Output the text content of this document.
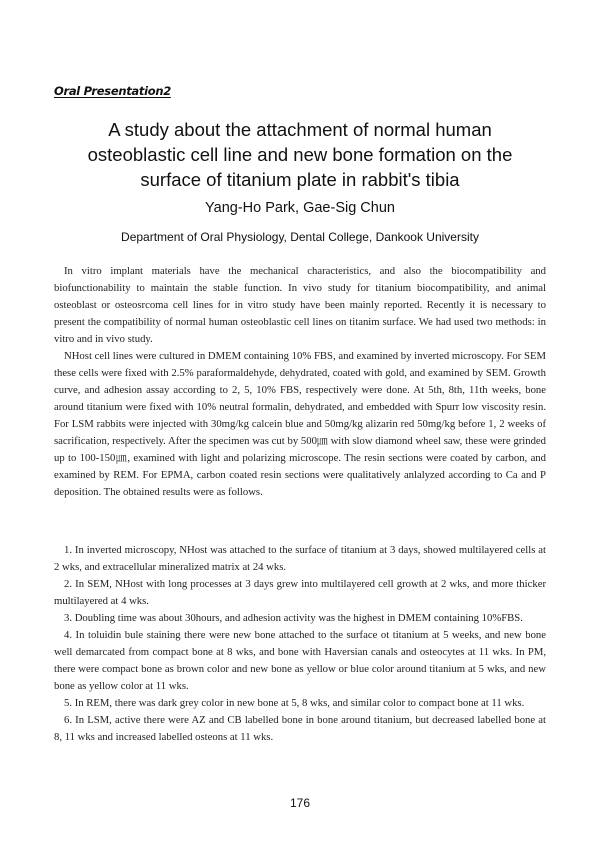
Oral Presentation2
A study about the attachment of normal human
osteoblastic cell line and new bone formation on the
surface of titanium plate in rabbit's tibia
Yang-Ho Park, Gae-Sig Chun
Department of Oral Physiology, Dental College, Dankook University

In vitro implant materials have the mechanical characteristics, and also the biocompatibility and biofunctionability to maintain the stable function. In vivo study for titanium biocompatibility, and animal osteoblast or osteosrcoma cell lines for in vitro study have been mainly reported. Recently it is necessary to present the compatibility of normal human osteoblastic cell lines on titanim surface. We had used two methods: in vitro and in vivo study.

NHost cell lines were cultured in DMEM containing 10% FBS, and examined by inverted microscopy. For SEM these cells were fixed with 2.5% paraformaldehyde, dehydrated, coated with gold, and examined by SEM. Growth curve, and adhesion assay according to 2, 5, 10% FBS, respectively were done. At 5th, 8th, 11th weeks, bone around titanium were fixed with 10% neutral formalin, dehydrated, and embedded with Spurr low viscosity resin. For LSM rabbits were injected with 30mg/kg calcein blue and 50mg/kg alizarin red 50mg/kg before 1, 2 weeks of sacrification, respectively. After the specimen was cut by 500㎛ with slow diamond wheel saw, these were grinded up to 100-150㎛, examined with light and polarizing microscope. The resin sections were coated by carbon, and examined by REM. For EPMA, carbon coated resin sections were qualitatively anlalyzed according to Ca and P deposition. The obtained results were as follows.

1. In inverted microscopy, NHost was attached to the surface of titanium at 3 days, showed multilayered cells at 2 wks, and extracellular mineralized matrix at 24 wks.

2. In SEM, NHost with long processes at 3 days grew into multilayered cell growth at 2 wks, and more thicker multilayered at 4 wks.

3. Doubling time was about 30hours, and adhesion activity was the highest in DMEM containing 10%FBS.

4. In toluidin bule staining there were new bone attached to the surface ot titanium at 5 weeks, and new bone well demarcated from compact bone at 8 wks, and bone with Haversian canals and osteocytes at 11 wks. In PM, there were compact bone as brown color and new bone as yellow or blue color around titanium at 5 wks, and new bone as yellow color at 11 wks.

5. In REM, there was dark grey color in new bone at 5, 8 wks, and similar color to compact bone at 11 wks.

6. In LSM, active there were AZ and CB labelled bone in bone around titanium, but decreased labelled bone at 8, 11 wks and increased labelled osteons at 11 wks.

176
